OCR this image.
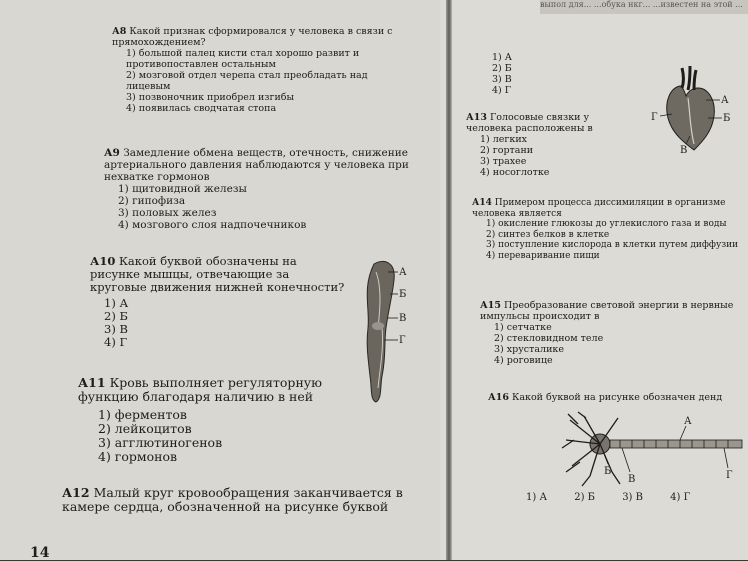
А8 Какой признак сформировался у человека в связи с прямохождением?
1) большой палец кисти стал хорошо развит и противопоставлен остальным
2) мозговой отдел черепа стал преобладать над лицевым
3) позвоночник приобрел изгибы
4) появилась сводчатая стопа
А9 Замедление обмена веществ, отечность, снижение артериального давления наблюдаются у человека при нехватке гормонов
1) щитовидной железы
2) гипофиза
3) половых желез
4) мозгового слоя надпочечников
А10 Какой буквой обозначены на рисунке мышцы, отвечающие за круговые движения нижней конечности?
1) А
2) Б
3) В
4) Г
А
Б
В
Г
А11 Кровь выполняет регуляторную функцию благодаря наличию в ней
1) ферментов
2) лейкоцитов
3) агглютиногенов
4) гормонов
А12 Малый круг кровообращения заканчивается в камере сердца, обозначенной на рисунке буквой
14
1) А
2) Б
3) В
4) Г
А
Б
В
Г
А13 Голосовые связки у человека расположены в
1) легких
2) гортани
3) трахее
4) носоглотке
А14 Примером процесса диссимиляции в организме человека является
1) окисление глюкозы до углекислого газа и воды
2) синтез белков в клетке
3) поступление кислорода в клетки путем диффузии
4) переваривание пищи
А15 Преобразование световой энергии в нервные импульсы происходит в
1) сетчатке
2) стекловидном теле
3) хрусталике
4) роговице
А16 Какой буквой на рисунке обозначен денд
А
Б
В	Г
1) А	2) Б	3) В	4) Г
выпол для... ...обука нкг... ...известен на этой ...
